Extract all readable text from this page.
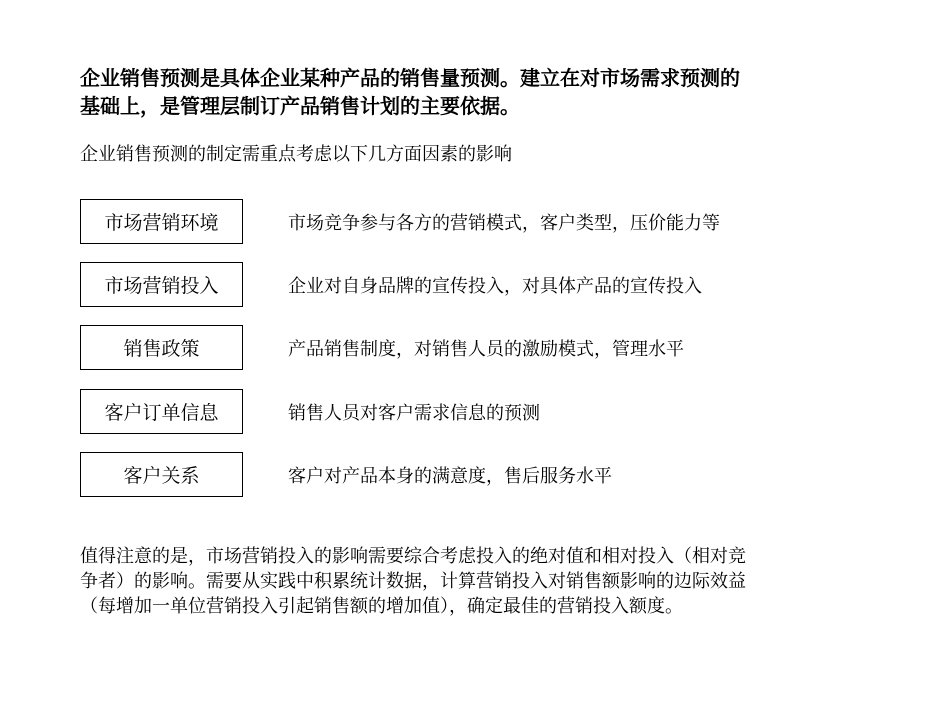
企业销售预测是具体企业某种产品的销售量预测。建立在对市场需求预测的
基础上，是管理层制订产品销售计划的主要依据。
企业销售预测的制定需重点考虑以下几方面因素的影响
市场营销环境	市场竞争参与各方的营销模式，客户类型，压价能力等
市场营销投入	企业对自身品牌的宣传投入，对具体产品的宣传投入
销售政策	产品销售制度，对销售人员的激励模式，管理水平
客户订单信息	销售人员对客户需求信息的预测
客户关系	客户对产品本身的满意度，售后服务水平
值得注意的是，市场营销投入的影响需要综合考虑投入的绝对值和相对投入（相对竞
争者）的影响。需要从实践中积累统计数据，计算营销投入对销售额影响的边际效益
（每增加一单位营销投入引起销售额的增加值），确定最佳的营销投入额度。
